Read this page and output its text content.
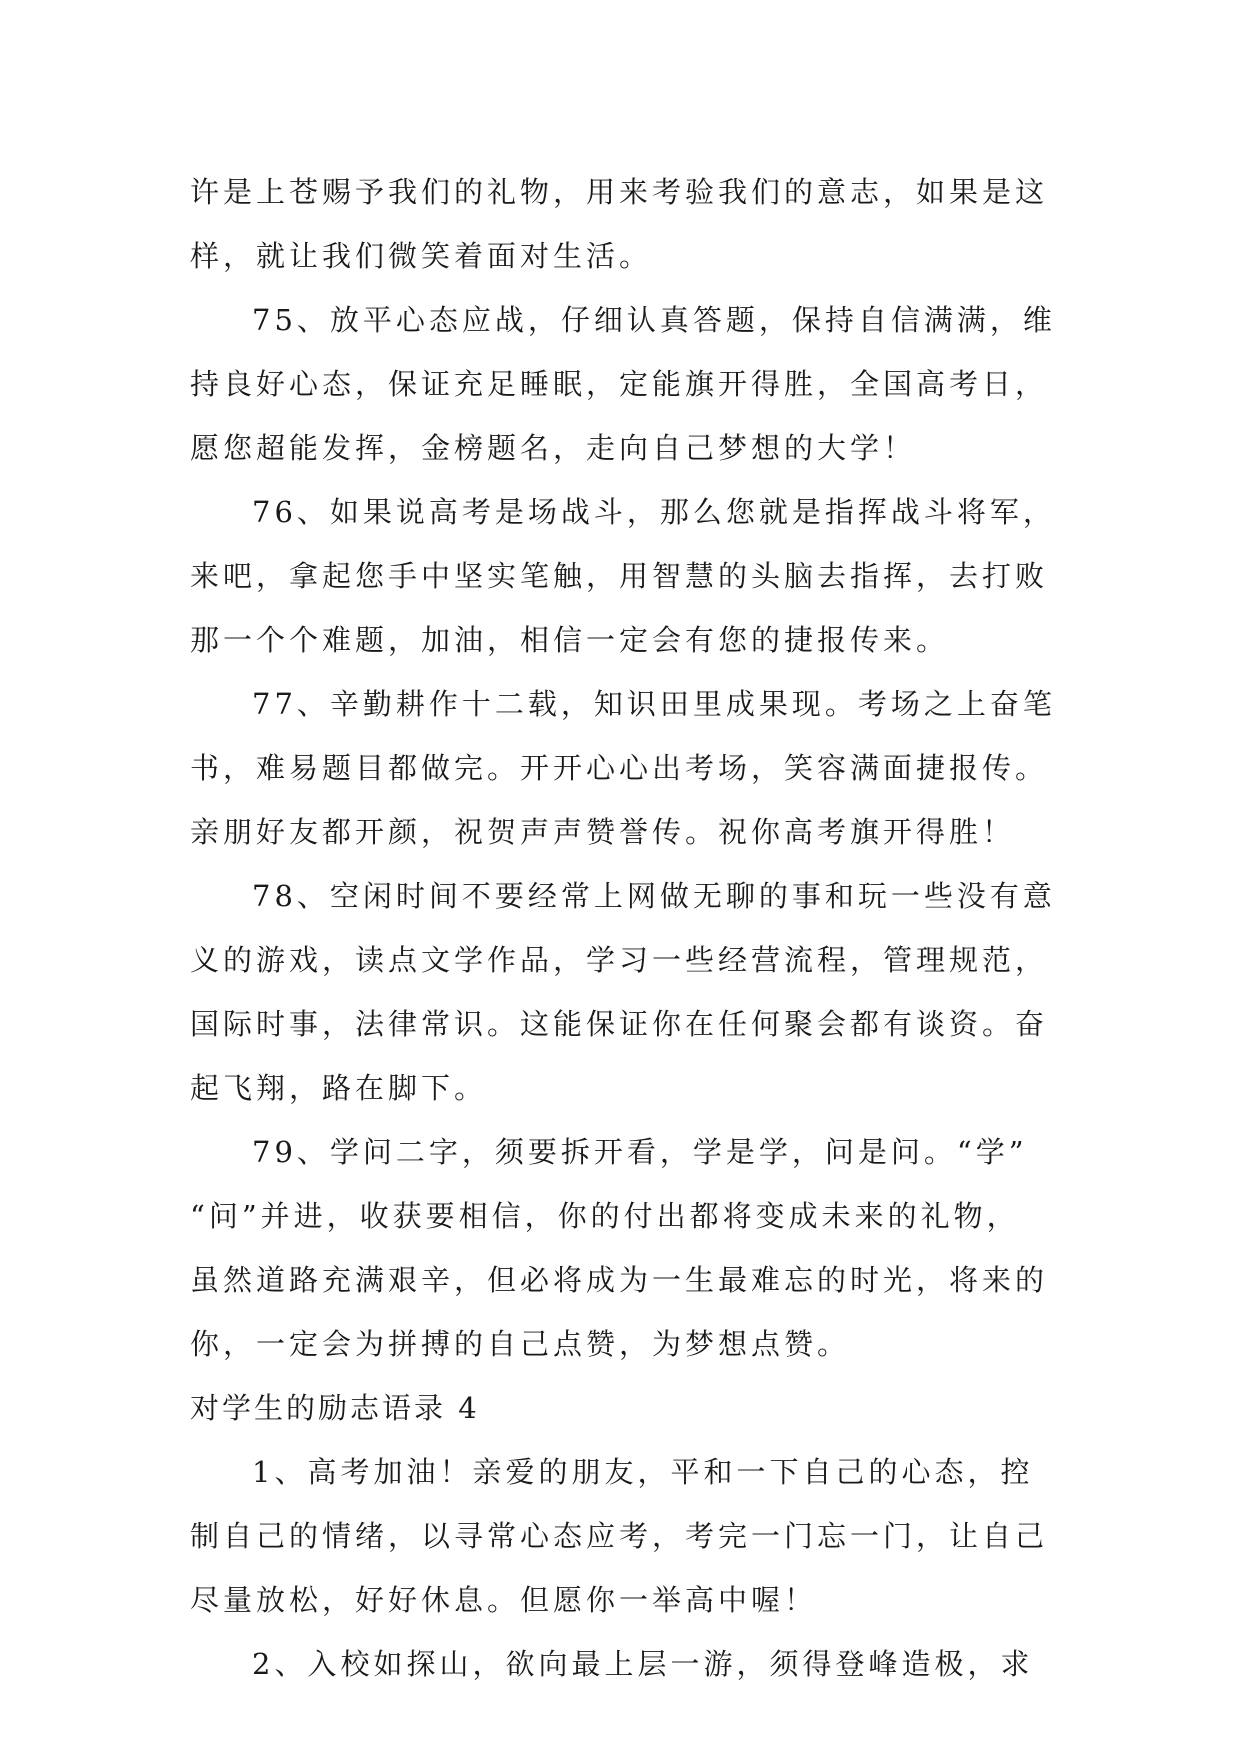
许是上苍赐予我们的礼物，用来考验我们的意志，如果是这
样，就让我们微笑着面对生活。
75、放平心态应战，仔细认真答题，保持自信满满，维
持良好心态，保证充足睡眠，定能旗开得胜，全国高考日，
愿您超能发挥，金榜题名，走向自己梦想的大学！
76、如果说高考是场战斗，那么您就是指挥战斗将军，
来吧，拿起您手中坚实笔触，用智慧的头脑去指挥，去打败
那一个个难题，加油，相信一定会有您的捷报传来。
77、辛勤耕作十二载，知识田里成果现。考场之上奋笔
书，难易题目都做完。开开心心出考场，笑容满面捷报传。
亲朋好友都开颜，祝贺声声赞誉传。祝你高考旗开得胜！
78、空闲时间不要经常上网做无聊的事和玩一些没有意
义的游戏，读点文学作品，学习一些经营流程，管理规范，
国际时事，法律常识。这能保证你在任何聚会都有谈资。奋
起飞翔，路在脚下。
79、学问二字，须要拆开看，学是学，问是问。“学”
“问”并进，收获要相信，你的付出都将变成未来的礼物，
虽然道路充满艰辛，但必将成为一生最难忘的时光，将来的
你，一定会为拼搏的自己点赞，为梦想点赞。
对学生的励志语录 4
1、高考加油！亲爱的朋友，平和一下自己的心态，控
制自己的情绪，以寻常心态应考，考完一门忘一门，让自己
尽量放松，好好休息。但愿你一举高中喔！
2、入校如探山，欲向最上层一游，须得登峰造极，求
